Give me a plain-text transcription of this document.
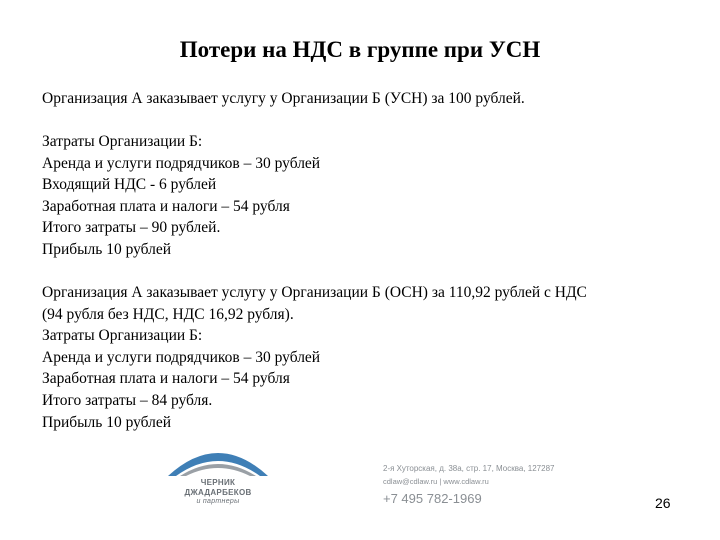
Потери на НДС в группе при УСН
Организация А заказывает услугу у Организации Б (УСН) за 100 рублей.
Затраты Организации Б:
Аренда и услуги подрядчиков – 30 рублей
Входящий НДС - 6 рублей
Заработная плата и налоги – 54 рубля
Итого затраты – 90 рублей.
Прибыль 10 рублей
Организация А заказывает услугу у Организации Б (ОСН) за 110,92 рублей с НДС
(94 рубля без НДС, НДС 16,92 рубля).
Затраты Организации Б:
Аренда и услуги подрядчиков – 30 рублей
Заработная плата и налоги – 54 рубля
Итого затраты – 84 рубля.
Прибыль 10 рублей
ЧЕРНИК
ДЖАДАРБЕКОВ
и партнеры
2-я Хуторская, д. 38а, стр. 17, Москва, 127287
cdlaw@cdlaw.ru | www.cdlaw.ru
+7 495 782-1969	26
